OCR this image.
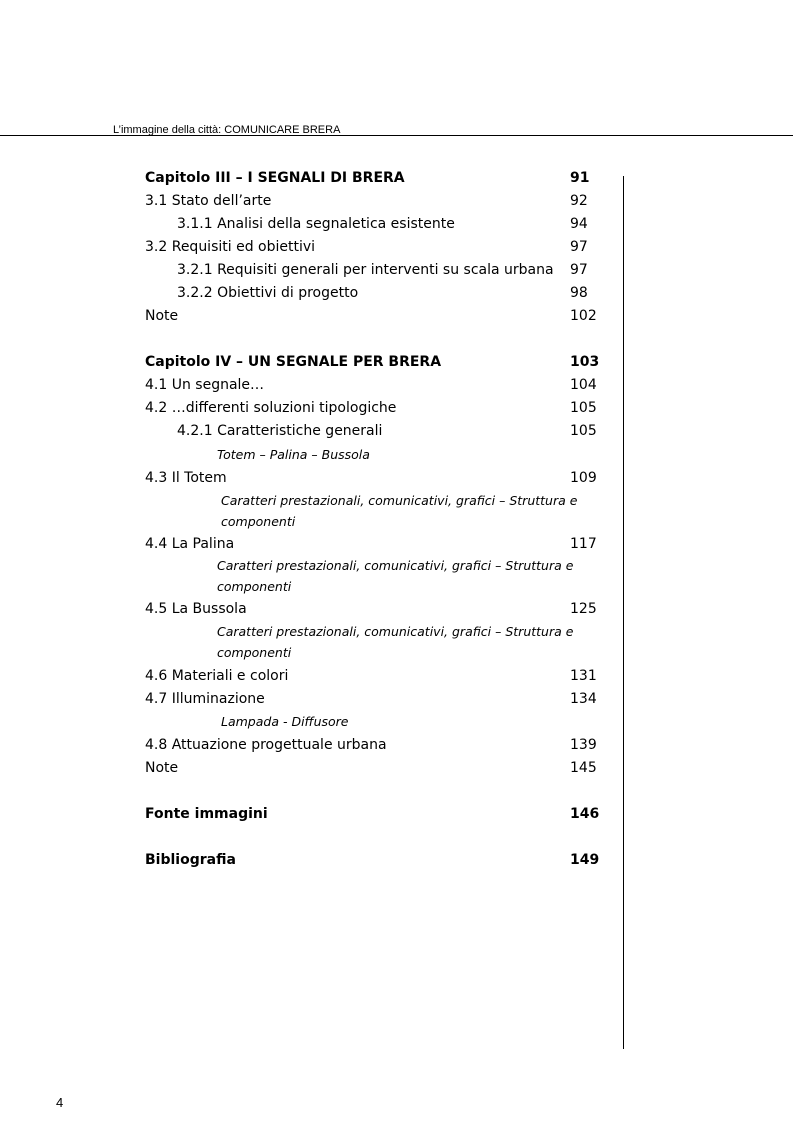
L’immagine della città: COMUNICARE BRERA
Capitolo III – I SEGNALI DI BRERA	91
3.1 Stato dell’arte	92
3.1.1 Analisi della segnaletica esistente	94
3.2 Requisiti ed obiettivi	97
3.2.1 Requisiti generali per interventi su scala urbana 97
3.2.2 Obiettivi di progetto	98
Note	102
Capitolo IV – UN SEGNALE PER BRERA	103
4.1 Un segnale…	104
4.2 …differenti soluzioni tipologiche	105
4.2.1 Caratteristiche generali	105
Totem – Palina – Bussola
4.3 Il Totem	109
Caratteri prestazionali, comunicativi, grafici – Struttura e
componenti
4.4 La Palina	117
Caratteri prestazionali, comunicativi, grafici – Struttura e
componenti
4.5 La Bussola	125
Caratteri prestazionali, comunicativi, grafici – Struttura e
componenti
4.6 Materiali e colori	131
4.7 Illuminazione	134
Lampada - Diffusore
4.8 Attuazione progettuale urbana	139
Note	145
Fonte immagini	146
Bibliografia	149
4
